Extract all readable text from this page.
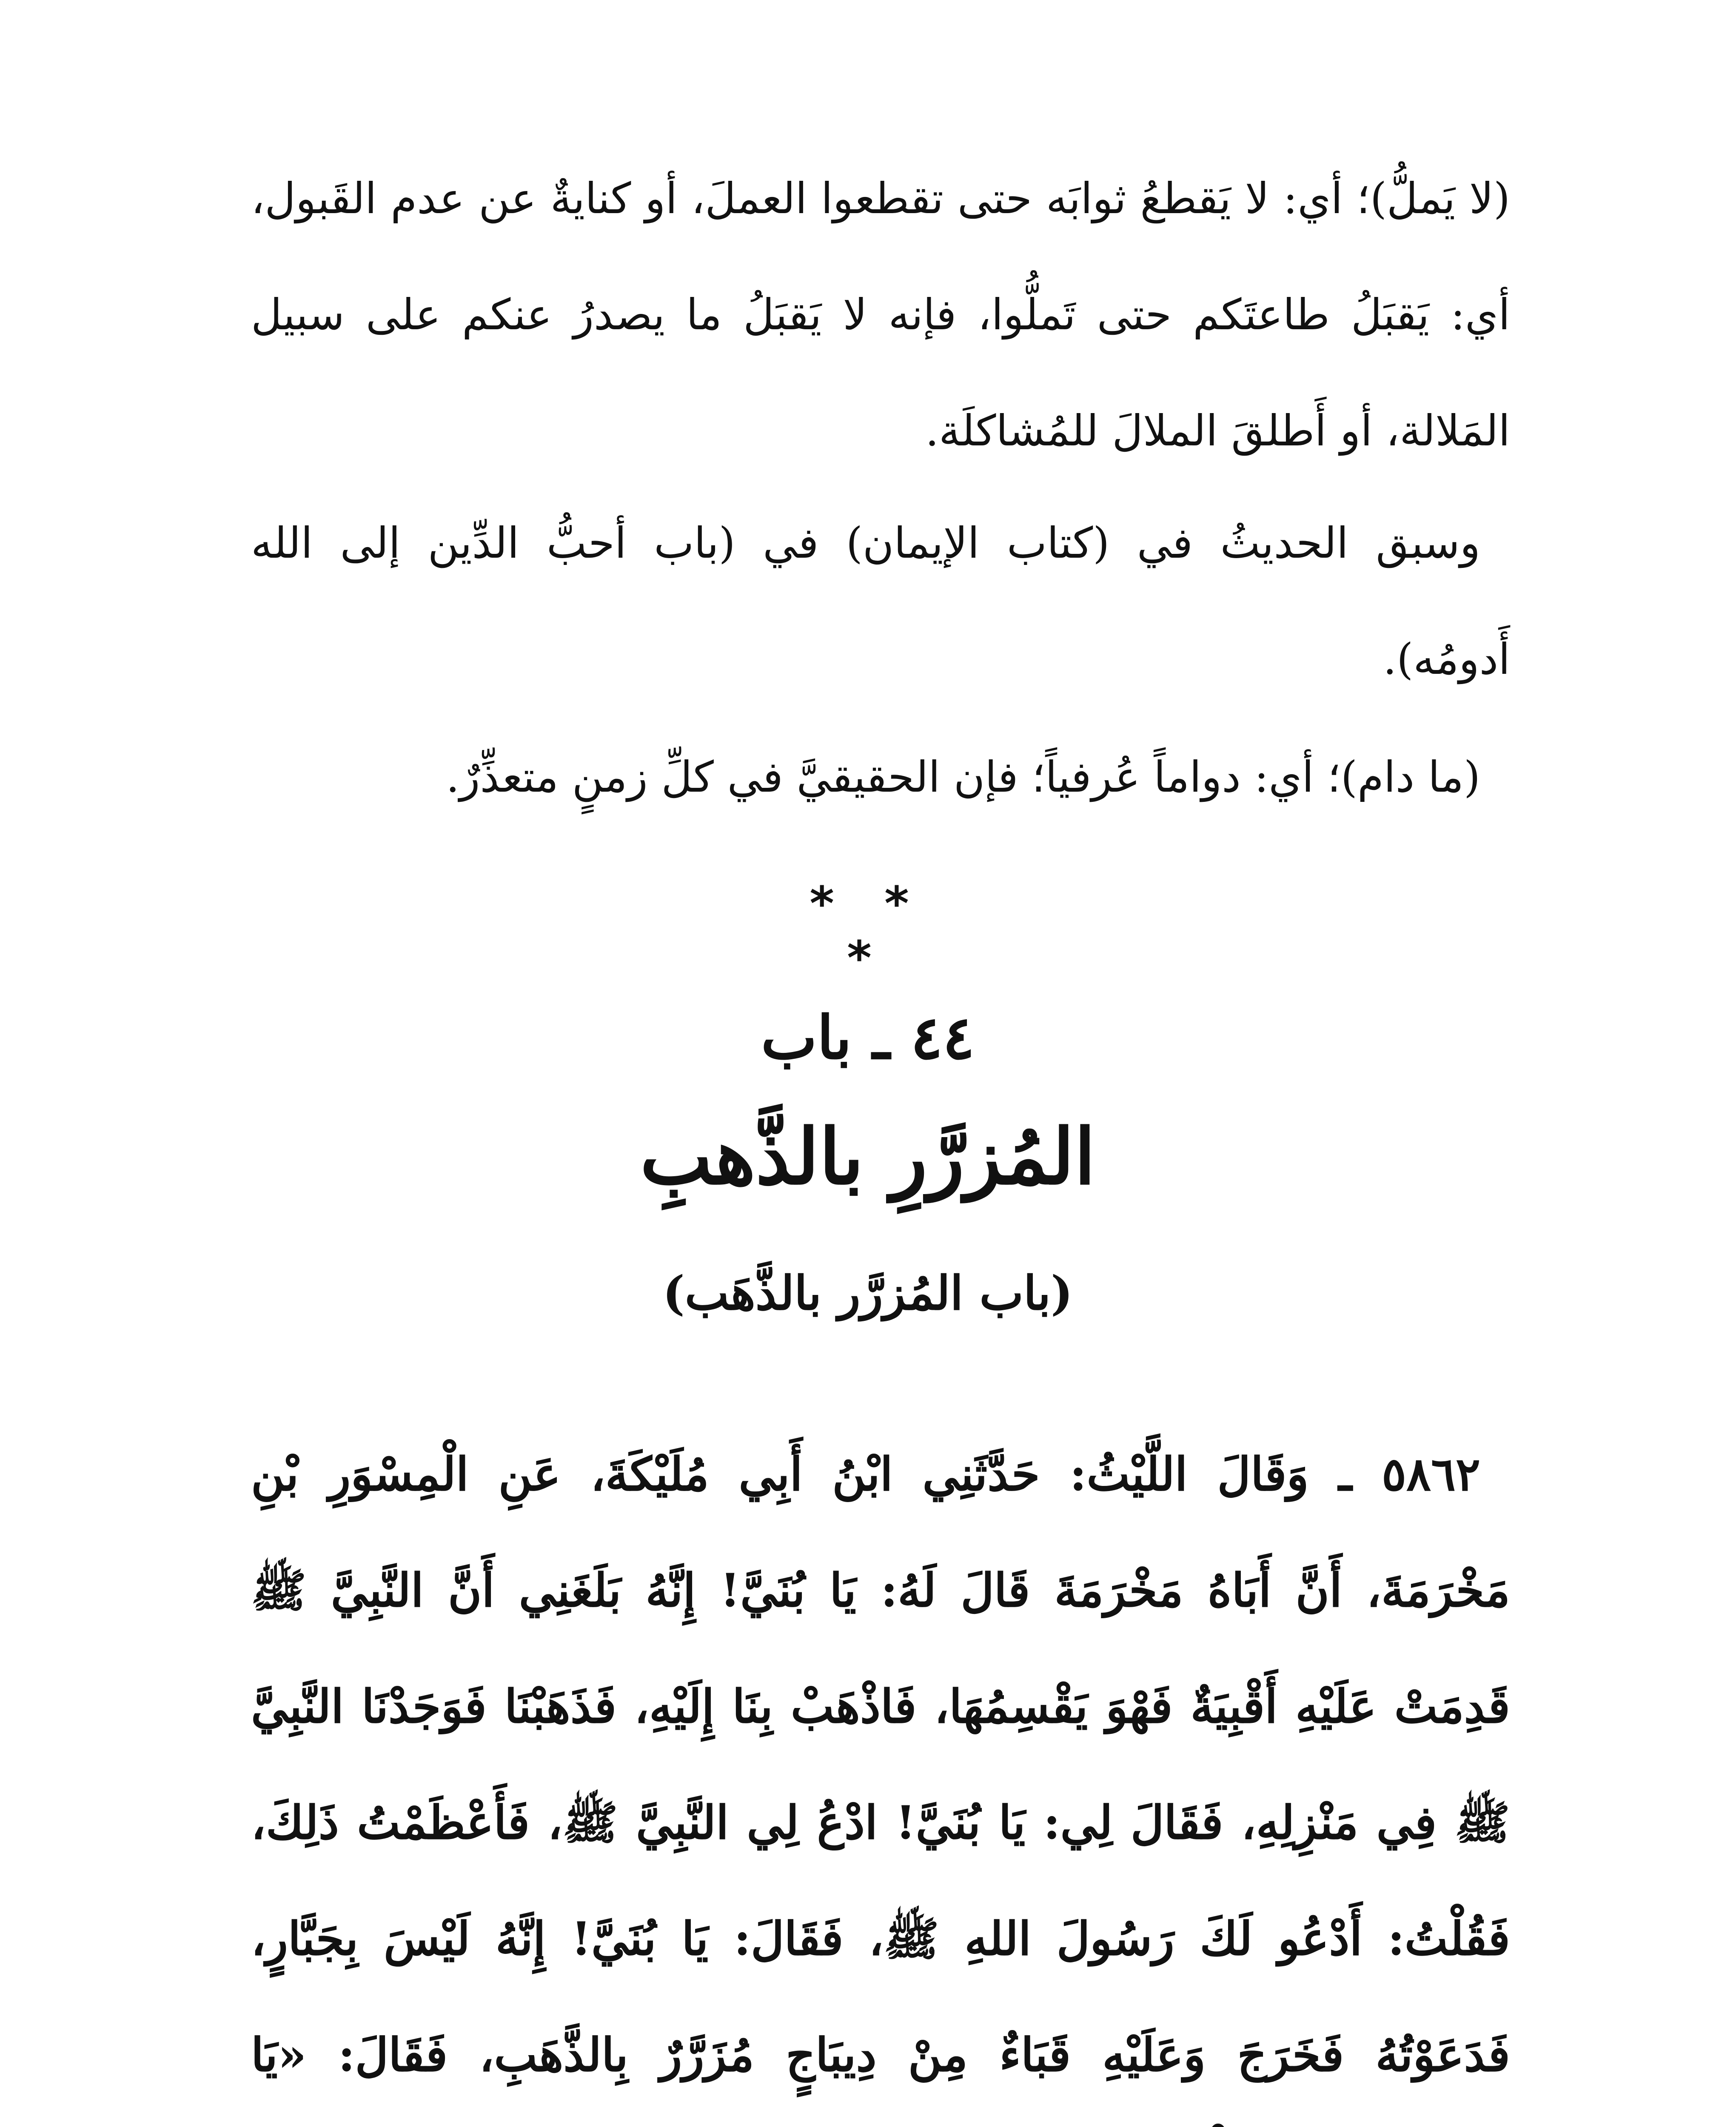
(لا يَملُّ)؛ أي: لا يَقطعُ ثوابَه حتى تقطعوا العملَ، أو كنايةٌ عن عدم القَبول، أي: يَقبَلُ طاعتَكم حتى تَملُّوا، فإنه لا يَقبَلُ ما يصدرُ عنكم على سبيل المَلالة، أو أَطلقَ الملالَ للمُشاكلَة.

وسبق الحديثُ في (كتاب الإيمان) في (باب أحبُّ الدِّين إلى الله أَدومُه).

(ما دام)؛ أي: دواماً عُرفياً؛ فإن الحقيقيَّ في كلِّ زمنٍ متعذِّرٌ.

* * *
٤٤ ـ باب
المُزرَّرِ بالذَّهبِ
(باب المُزرَّر بالذَّهَب)

٥٨٦٢ ـ وَقَالَ اللَّيْثُ: حَدَّثَنِي ابْنُ أَبِي مُلَيْكَةَ، عَنِ الْمِسْوَرِ بْنِ مَخْرَمَةَ، أَنَّ أَبَاهُ مَخْرَمَةَ قَالَ لَهُ: يَا بُنَيَّ! إِنَّهُ بَلَغَنِي أَنَّ النَّبِيَّ ﷺ قَدِمَتْ عَلَيْهِ أَقْبِيَةٌ فَهْوَ يَقْسِمُهَا، فَاذْهَبْ بِنَا إِلَيْهِ، فَذَهَبْنَا فَوَجَدْنَا النَّبِيَّ ﷺ فِي مَنْزِلِهِ، فَقَالَ لِي: يَا بُنَيَّ! ادْعُ لِي النَّبِيَّ ﷺ، فَأَعْظَمْتُ ذَلِكَ، فَقُلْتُ: أَدْعُو لَكَ رَسُولَ اللهِ ﷺ، فَقَالَ: يَا بُنَيَّ! إِنَّهُ لَيْسَ بِجَبَّارٍ، فَدَعَوْتُهُ فَخَرَجَ وَعَلَيْهِ قَبَاءٌ مِنْ دِيبَاجٍ مُزَرَّرٌ بِالذَّهَبِ، فَقَالَ: «يَا
